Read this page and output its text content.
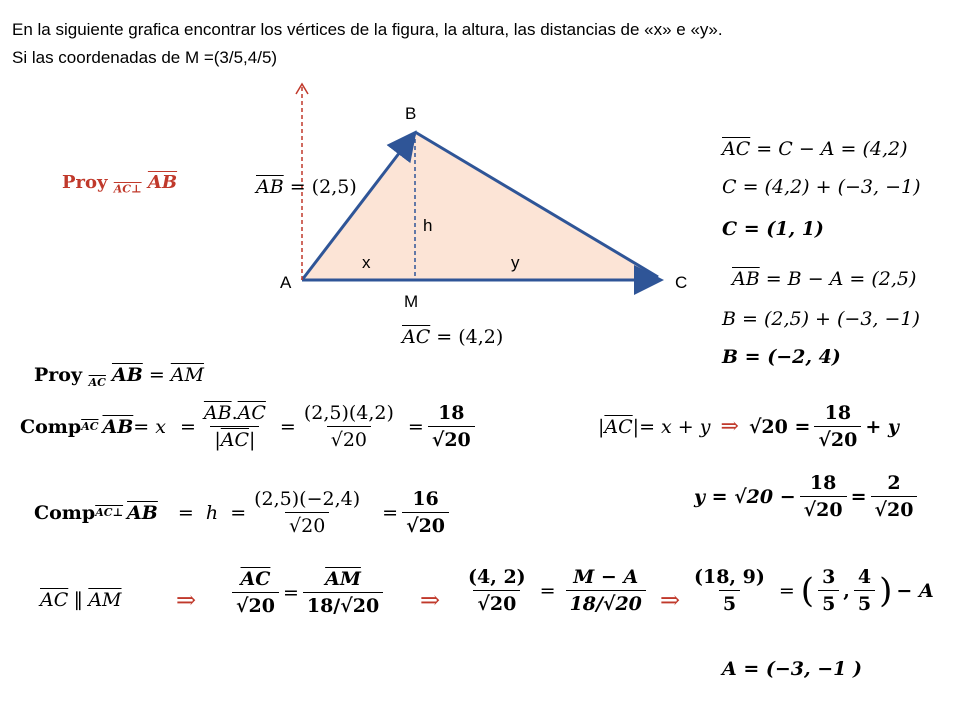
En la siguiente grafica encontrar los vértices de la figura, la altura, las distancias de «x» e «y».
Si las coordenadas de M =(3/5,4/5)
B
A	C
M
h
x	y
$\overline{AB} = (2,5)$
$\overline{AC} = (4,2)$
Proy $_{AC\perp}$ $\overline{AB}$
$\overline{AC} = C - A = (4,2)$
C = (4,2) + (−3, −1)
C = (1, 1)
$\overline{AB} = B - A = (2,5)$
B = (2,5) + (−3, −1)
B = (−2, 4)
Proy $_{\overline{AC}}$ $\overline{AB} = \overline{AM}$
Comp $\overline{AC}$ $\overline{AB} = x = \frac{\overline{AB}.\overline{AC}}{|\overline{AC}|} = \frac{(2,5)(4,2)}{√20} = \frac{18}{√20}$	| $\overline{AC}$ | = x + y ⇒ $√20 = \frac{18}{√20} + y$
$y = √20 - \frac{18}{√20} = \frac{2}{√20}$
Comp AC⊥ $\overline{AB} = h = \frac{(2,5)(-2,4)}{√20} = \frac{16}{√20}$
$\overline{AC}$ ∥ $\overline{AM}$ ⇒ $\frac{\overline{AC}}{√20} = \frac{\overline{AM}}{18/√20}$ ⇒ $\frac{(4, 2)}{√20} = \frac{M - A}{18/√20}$ ⇒ $\frac{(18, 9)}{5}$ = ( $\frac{3}{5}$ , $\frac{4}{5}$ ) − A
A = (−3, −1 )
